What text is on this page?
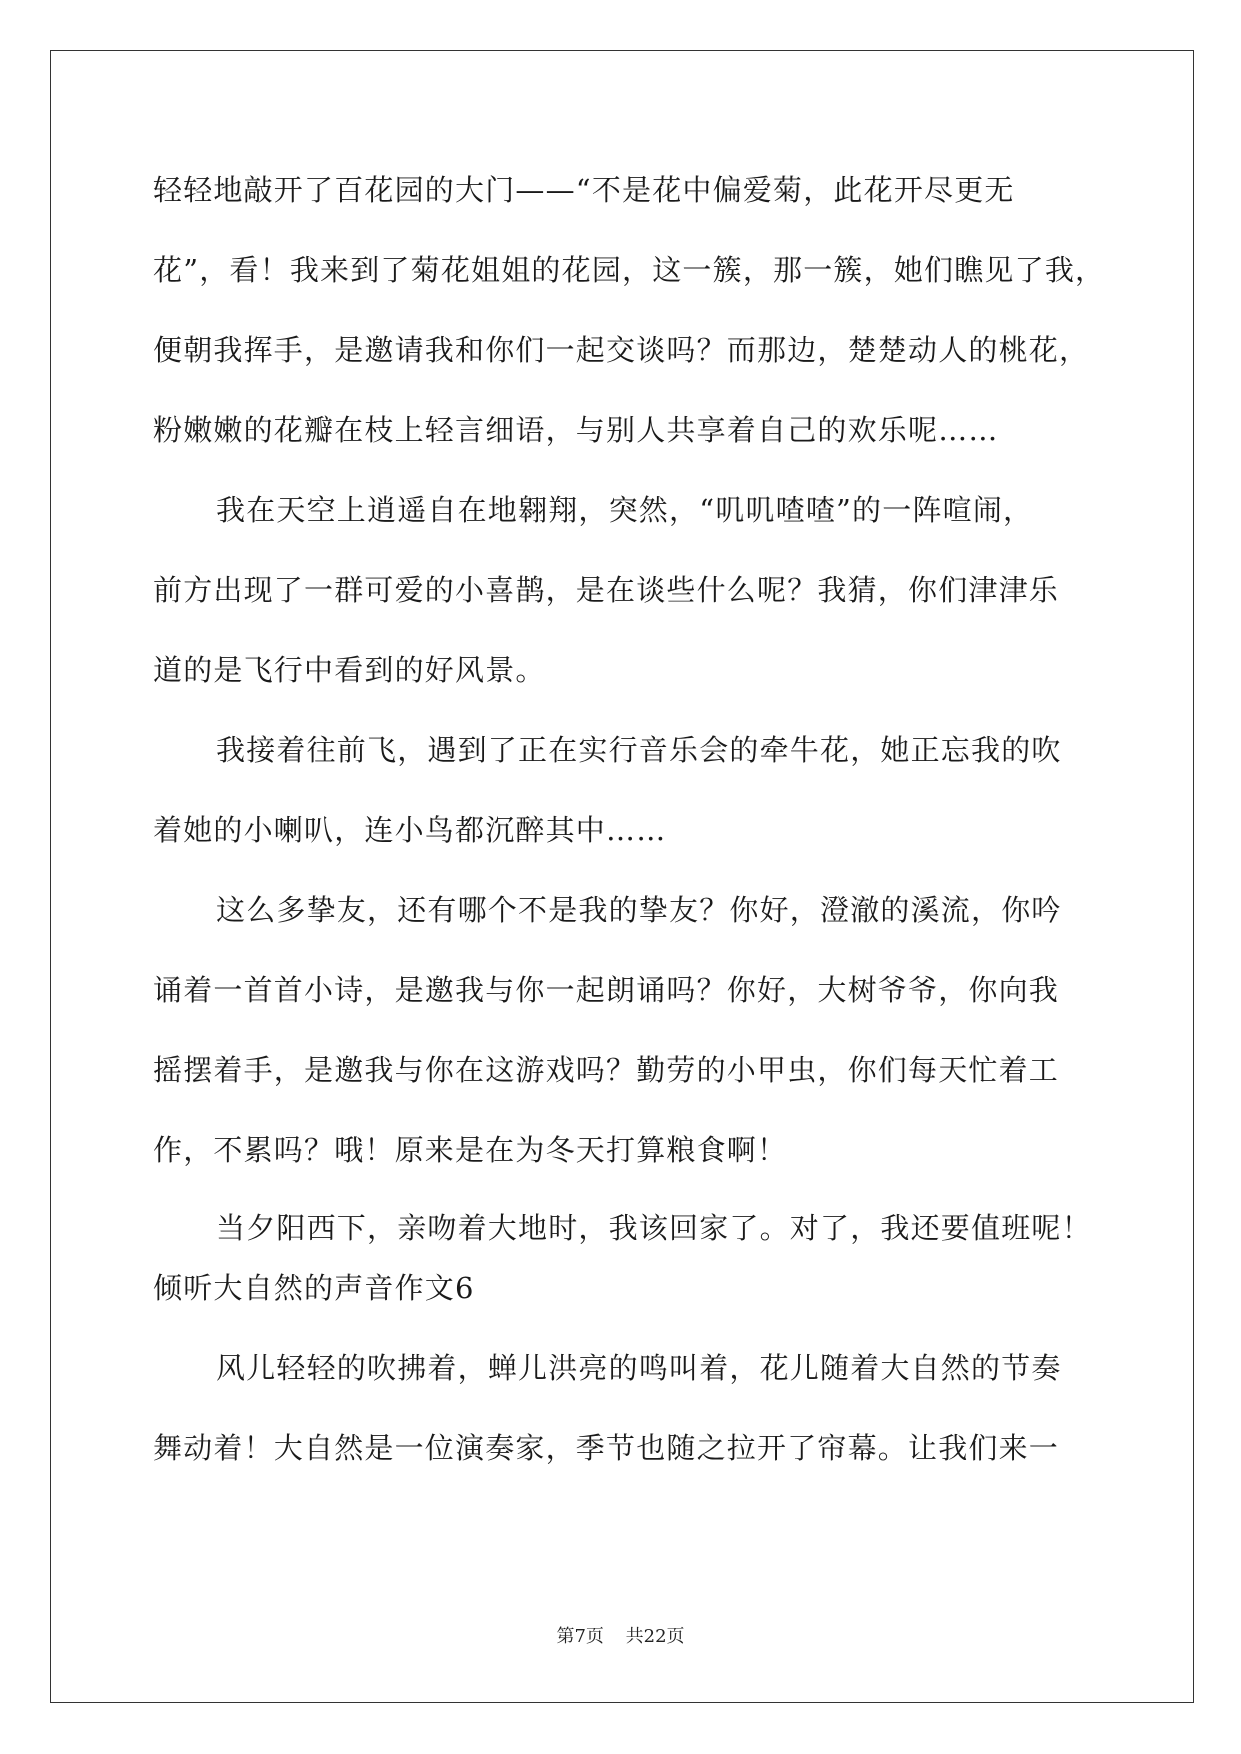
轻轻地敲开了百花园的大门——“不是花中偏爱菊，此花开尽更无
花”，看！我来到了菊花姐姐的花园，这一簇，那一簇，她们瞧见了我，
便朝我挥手，是邀请我和你们一起交谈吗？而那边，楚楚动人的桃花，
粉嫩嫩的花瓣在枝上轻言细语，与别人共享着自己的欢乐呢……
我在天空上逍遥自在地翱翔，突然，“叽叽喳喳”的一阵喧闹，
前方出现了一群可爱的小喜鹊，是在谈些什么呢？我猜，你们津津乐
道的是飞行中看到的好风景。
我接着往前飞，遇到了正在实行音乐会的牵牛花，她正忘我的吹
着她的小喇叭，连小鸟都沉醉其中……
这么多挚友，还有哪个不是我的挚友？你好，澄澈的溪流，你吟
诵着一首首小诗，是邀我与你一起朗诵吗？你好，大树爷爷，你向我
摇摆着手，是邀我与你在这游戏吗？勤劳的小甲虫，你们每天忙着工
作，不累吗？哦！原来是在为冬天打算粮食啊！
当夕阳西下，亲吻着大地时，我该回家了。对了，我还要值班呢！
倾听大自然的声音作文6
风儿轻轻的吹拂着，蝉儿洪亮的鸣叫着，花儿随着大自然的节奏
舞动着！大自然是一位演奏家，季节也随之拉开了帘幕。让我们来一
第7页 共22页
